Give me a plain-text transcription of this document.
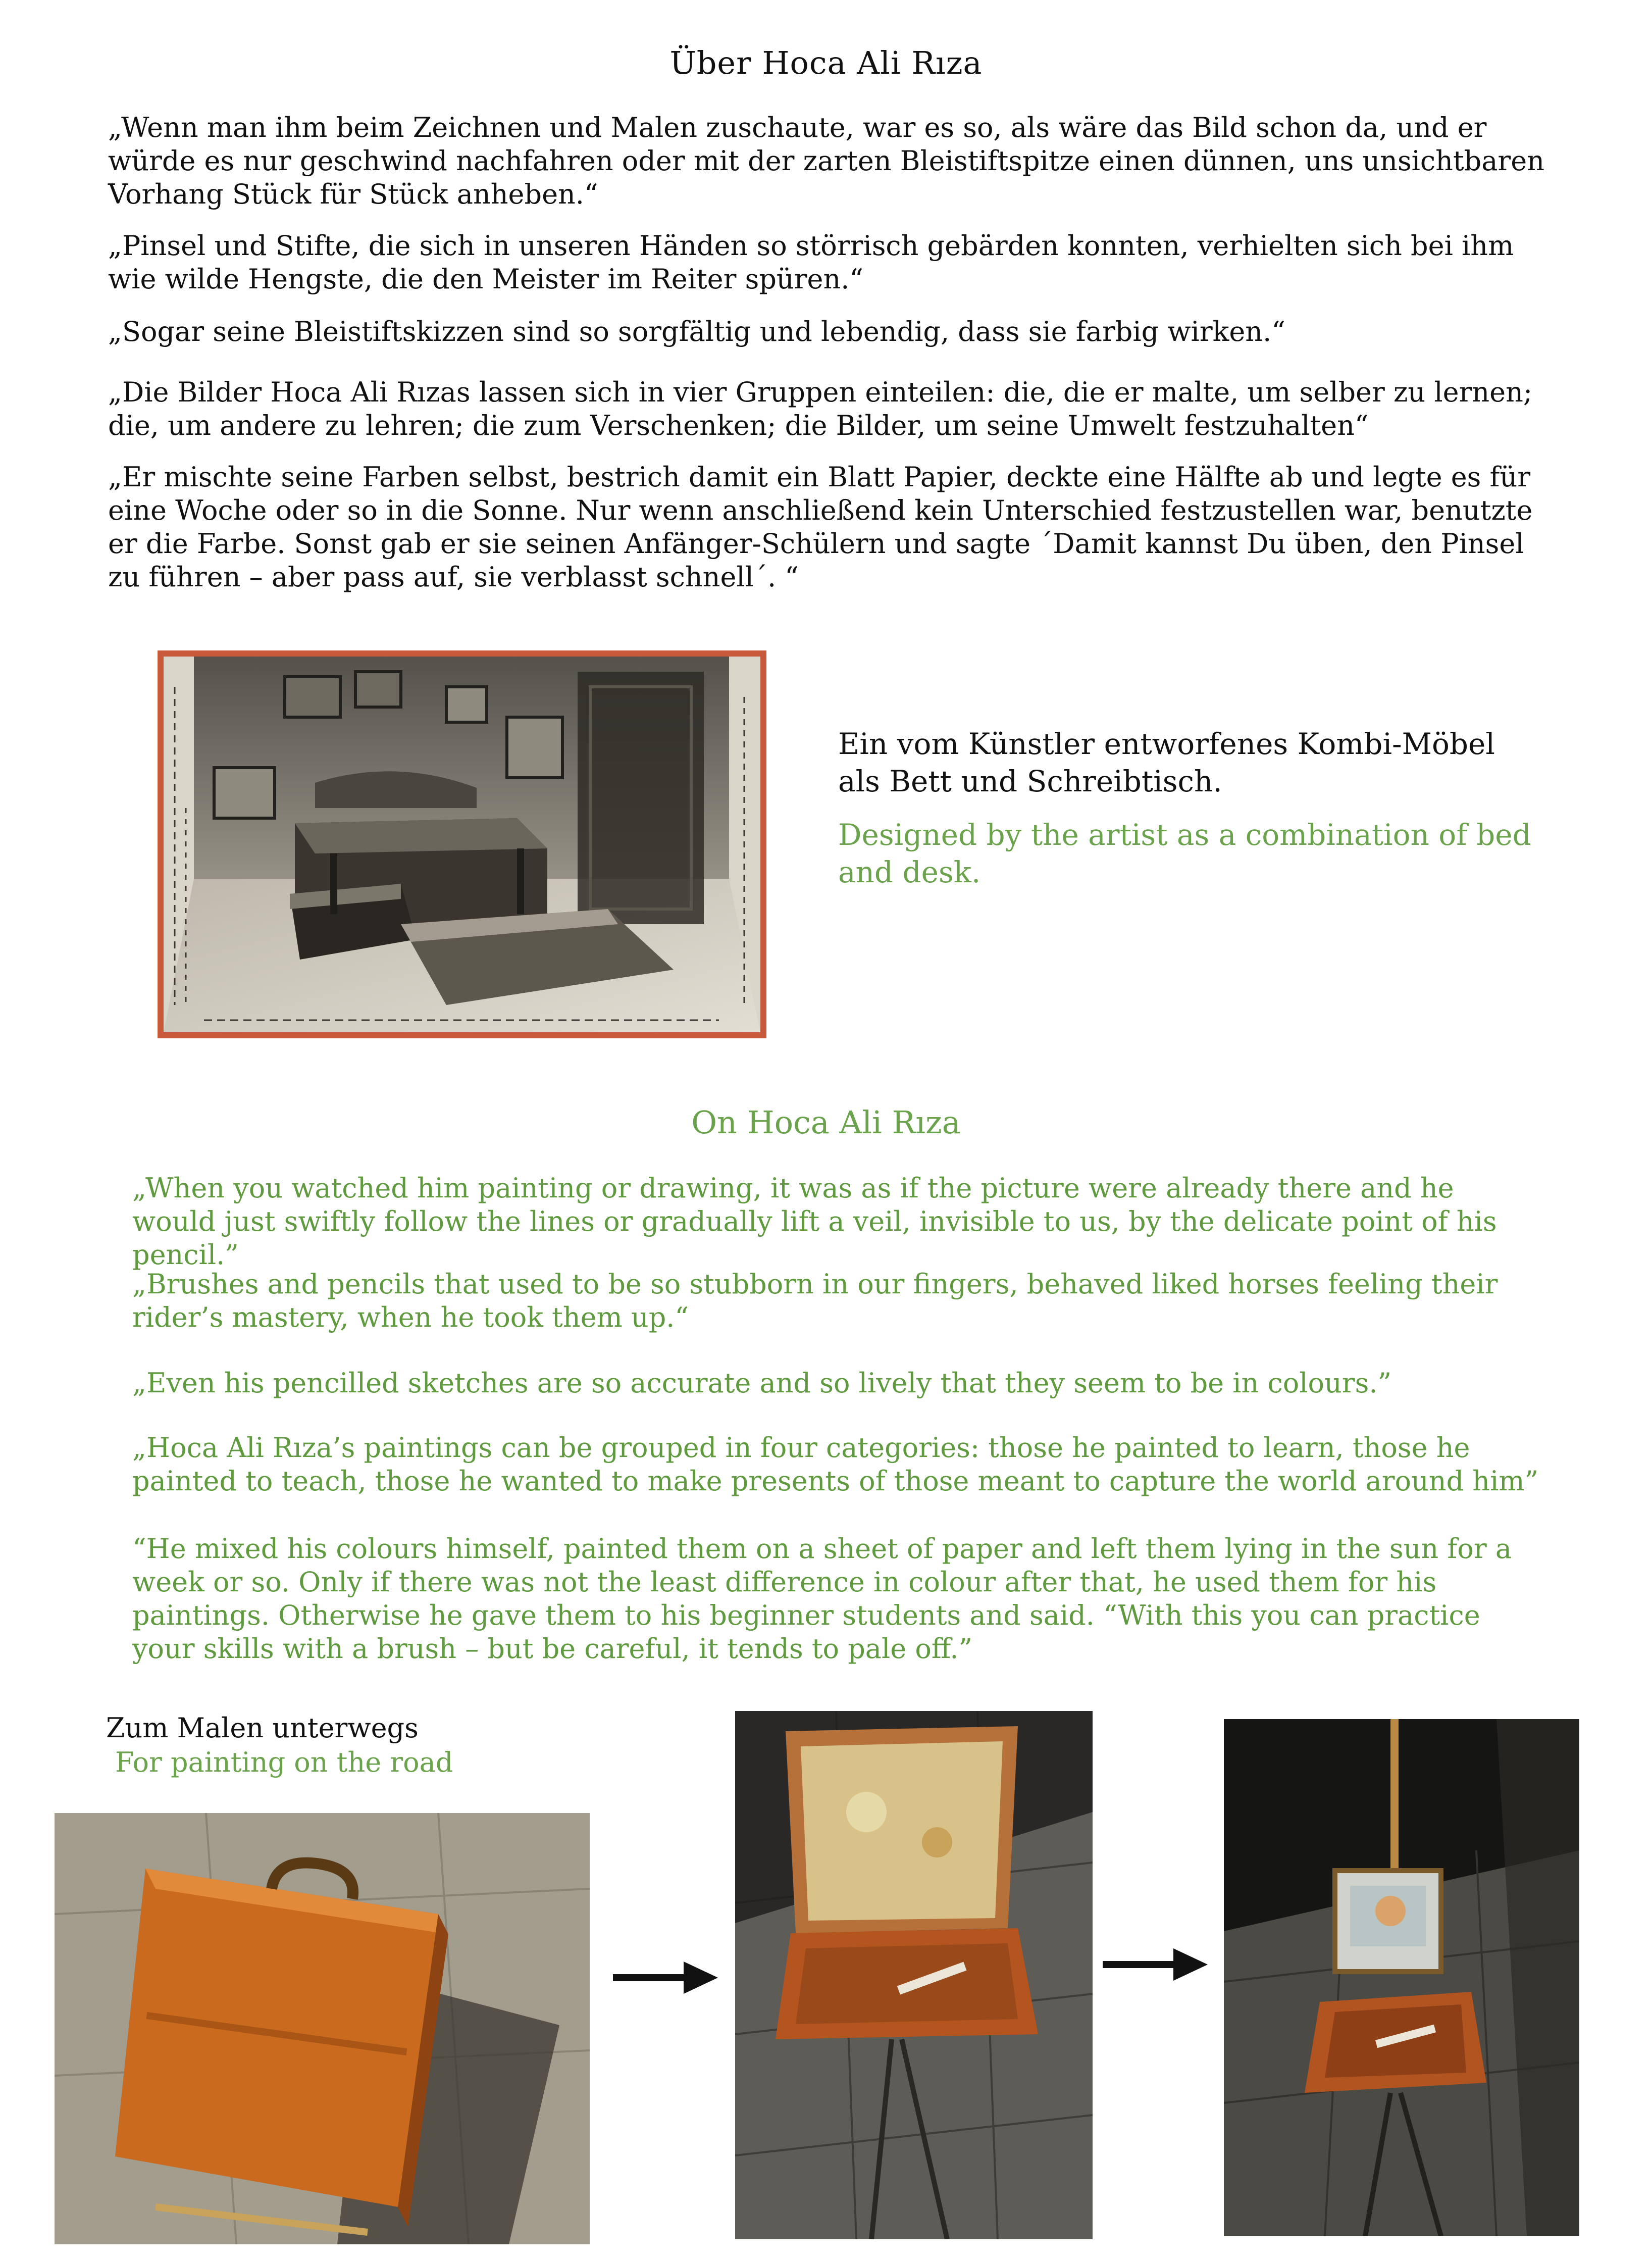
Über Hoca Ali Rıza

„Wenn man ihm beim Zeichnen und Malen zuschaute, war es so, als wäre das Bild schon da, und er würde es nur geschwind nachfahren oder mit der zarten Bleistiftspitze einen dünnen, uns unsichtbaren Vorhang Stück für Stück anheben.“

„Pinsel und Stifte, die sich in unseren Händen so störrisch gebärden konnten, verhielten sich bei ihm wie wilde Hengste, die den Meister im Reiter spüren.“

„Sogar seine Bleistiftskizzen sind so sorgfältig und lebendig, dass sie farbig wirken.“

„Die Bilder Hoca Ali Rızas lassen sich in vier Gruppen einteilen: die, die er malte, um selber zu lernen; die, um andere zu lehren; die zum Verschenken; die Bilder, um seine Umwelt festzuhalten“

„Er mischte seine Farben selbst, bestrich damit ein Blatt Papier, deckte eine Hälfte ab und legte es für eine Woche oder so in die Sonne. Nur wenn anschließend kein Unterschied festzustellen war, benutzte er die Farbe. Sonst gab er sie seinen Anfänger-Schülern und sagte ´Damit kannst Du üben, den Pinsel zu führen – aber pass auf, sie verblasst schnell´. “

Ein vom Künstler entworfenes Kombi-Möbel als Bett und Schreibtisch.
Designed by the artist as a combination of bed and desk.
On Hoca Ali Rıza

„When you watched him painting or drawing, it was as if the picture were already there and he would just swiftly follow the lines or gradually lift a veil, invisible to us, by the delicate point of his pencil.”

„Brushes and pencils that used to be so stubborn in our fingers, behaved liked horses feeling their rider’s mastery, when he took them up.“

„Even his pencilled sketches are so accurate and so lively that they seem to be in colours.”

„Hoca Ali Rıza’s paintings can be grouped in four categories: those he painted to learn, those he painted to teach, those he wanted to make presents of those meant to capture the world around him”

“He mixed his colours himself, painted them on a sheet of paper and left them lying in the sun for a week or so. Only if there was not the least difference in colour after that, he used them for his paintings. Otherwise he gave them to his beginner students and said. “With this you can practice your skills with a brush – but be careful, it tends to pale off.”

Zum Malen unterwegs
For painting on the road
